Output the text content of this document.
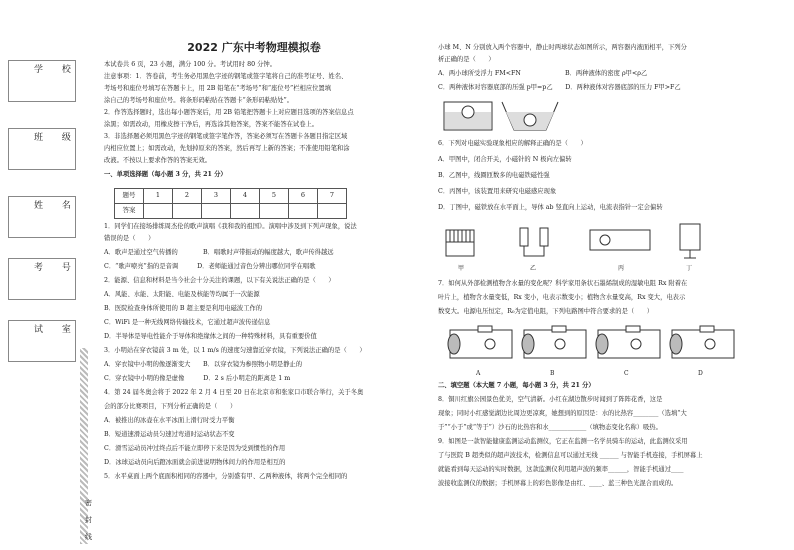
学 校
班 级
姓 名
考 号
试 室
密
封
线
2022 广东中考物理模拟卷
本试卷共 6 页，23 小题，满分 100 分。考试用时 80 分钟。
注意事项：1．答卷前，考生务必用黑色字迹的钢笔或签字笔将自己的准考证号、姓名、
考场号和座位号填写在答题卡上，用 2B 铅笔在“考场号”和“座位号”栏相应位置填
涂自己的考场号和座位号。将条形码粘贴在答题卡“条形码粘贴处”。
2．作答选择题时，选出每小题答案后，用 2B 铅笔把答题卡上对应题目选项的答案信息点
涂黑；如需改动，用橡皮擦干净后，再选涂其他答案，答案不能答在试卷上。
3．非选择题必须用黑色字迹的钢笔或签字笔作答，答案必须写在答题卡各题目指定区域
内相应位置上；如需改动，先划掉原来的答案，然后再写上新的答案；不准使用铅笔和涂
改液。不按以上要求作答的答案无效。
一、单项选择题（每小题 3 分，共 21 分）
题号	1	2	3	4	5	6	7
答案							
1．同学们在接场排练周杰伦的歌声演唱《我和我的祖国》。演唱中涉及到下列声现象，说法
错误的是（　　）
A．歌声是通过空气传播的　　　　B．唱歌时声带振动的幅度越大，歌声传得越远
C．“歌声嘹亮”指的是音调　　　D．老师能通过音色分辨出哪位同学在唱歌
2．能源、信息和材料是当今社会十分关注的课题，以下有关说法正确的是（　　）
A．风能、水能、太阳能、电能及核能等均属于一次能源
B．医院检查身体所使用的 B 超主要是利用电磁波工作的
C．WiFi 是一种无线网络传输技术，它通过超声波传递信息
D．半导体是导电性能介于导体和绝缘体之间的一种特殊材料，具有重要价值
3．小明站在穿衣镜前 3 m 处，以 1 m/s 的速度匀速靠近穿衣镜，下列说法正确的是（　　）
A．穿衣镜中小明的像逐渐变大　　B．以穿衣镜为参照物小明是静止的
C．穿衣镜中小明的像是虚像　　　D．2 s 后小明走的距离是 1 m
4．第 24 届冬奥会将于 2022 年 2 月 4 日至 20 日在北京市和张家口市联合举行，关于冬奥
会的部分比赛项目，下列分析正确的是（　　）
A．被推出的冰壶在水平冰面上滑行时受力平衡
B．短道速滑运动员匀速过弯道时运动状态不变
C．滑雪运动员冲过终点后不能立即停下来是因为受到惯性的作用
D．冰球运动员向后蹬冰面就会前进说明物体间力的作用是相互的
5．水平桌面上两个底面积相同的容器中，分别盛有甲、乙两种液体，将两个完全相同的
小球 M、N 分别放入两个容器中，静止时两球状态如图所示，两容器内液面相平，下列分
析正确的是（　　）
A．两小球所受浮力 FM<FN　　　　　　　B．两种液体的密度 ρ甲<ρ乙
C．两种液体对容器底部的压强 p甲=p乙　　D．两种液体对容器底部的压力 F甲>F乙
6．下列对电磁实验现象相应的解释正确的是（　　）
A．甲图中，闭合开关，小磁针的 N 极向左偏转
B．乙图中，线圈匝数多的电磁铁磁性强
C．丙图中，该装置用来研究电磁感应现象
D．丁图中，磁铁放在水平面上，导体 ab 竖直向上运动，电流表指针一定会偏转
甲	乙	丙	丁
7．如何从外部检测植物含水量的变化呢？科学家用条状石墨烯制成的湿敏电阻 Rx 附着在
叶片上，植物含水量变低，Rx 变小，电表示数变小；植物含水量变高，Rx 变大，电表示
数变大。电源电压恒定，R₀为定值电阻，下列电路图中符合要求的是（　　）
A	B	C	D
二、填空题（本大题 7 小题，每小题 3 分，共 21 分）
8．铜川红旗公园景色优美，空气清新。小红在湖边散步时闻到了阵阵花香，这是
现象；同时小红感觉湖边比周边更凉爽，她想到的原因是：水的比热容________（选填“大
于”“小于”或“等于”）沙石的比热容和水____________（填物态变化名称）吸热。
9．如图是一款智能健康监测运动监测仪，它正在监测一名学员骑车的运动，此监测仪采用
了与医院 B 超类似的超声波技术，检测信息可以通过无线 ______ 与智能手机连接，手机屏幕上
就能看到每天运动的实时数据，这款监测仪利用超声波的频率______，智能手机通过____
波接收监测仪的数据；手机屏幕上的彩色影像是由红、____、蓝三种色光混合而成的。
